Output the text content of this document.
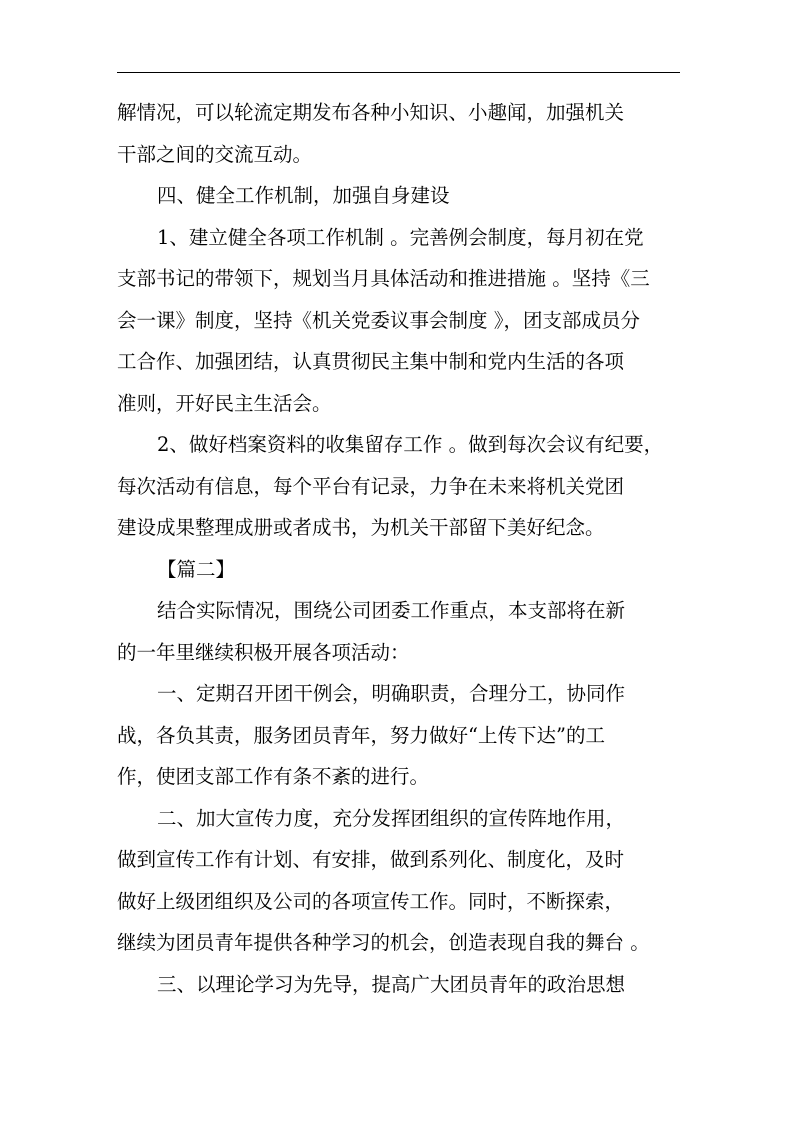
解情况，可以轮流定期发布各种小知识、小趣闻，加强机关
干部之间的交流互动。
四、健全工作机制，加强自身建设
1、建立健全各项工作机制 。完善例会制度，每月初在党
支部书记的带领下，规划当月具体活动和推进措施 。坚持《三
会一课》制度，坚持《机关党委议事会制度 》，团支部成员分
工合作、加强团结，认真贯彻民主集中制和党内生活的各项
准则，开好民主生活会。
2、做好档案资料的收集留存工作 。做到每次会议有纪要，
每次活动有信息，每个平台有记录，力争在未来将机关党团
建设成果整理成册或者成书，为机关干部留下美好纪念。
【篇二】
结合实际情况，围绕公司团委工作重点，本支部将在新
的一年里继续积极开展各项活动：
一、定期召开团干例会，明确职责，合理分工，协同作
战，各负其责，服务团员青年，努力做好“上传下达”的工
作，使团支部工作有条不紊的进行。
二、加大宣传力度，充分发挥团组织的宣传阵地作用，
做到宣传工作有计划、有安排，做到系列化、制度化，及时
做好上级团组织及公司的各项宣传工作。同时，不断探索，
继续为团员青年提供各种学习的机会，创造表现自我的舞台 。
三、以理论学习为先导，提高广大团员青年的政治思想
